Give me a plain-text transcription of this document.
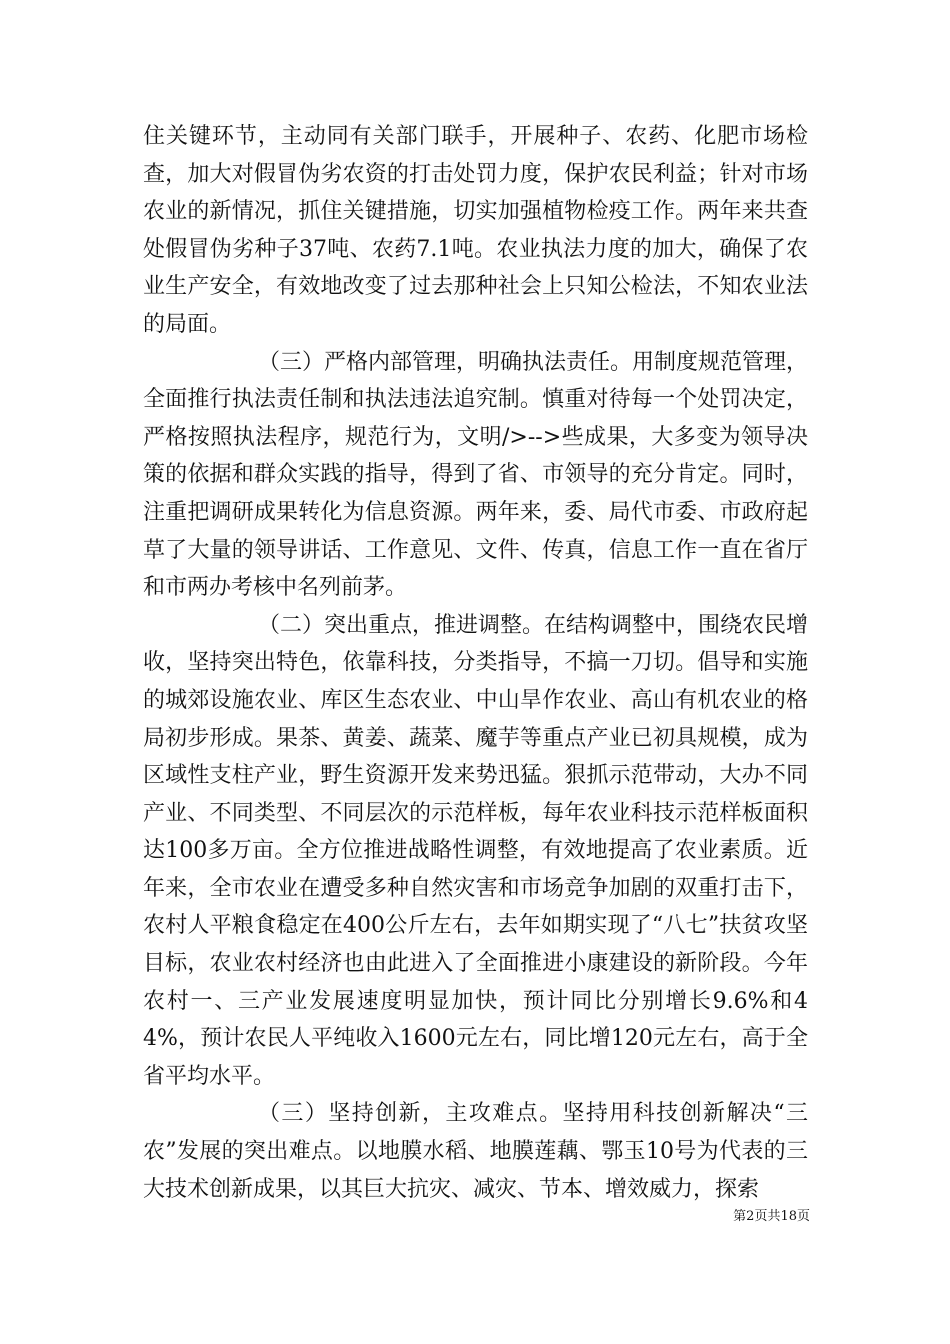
住关键环节，主动同有关部门联手，开展种子、农药、化肥市场检查，加大对假冒伪劣农资的打击处罚力度，保护农民利益；针对市场农业的新情况，抓住关键措施，切实加强植物检疫工作。两年来共查处假冒伪劣种子37吨、农药7.1吨。农业执法力度的加大，确保了农业生产安全，有效地改变了过去那种社会上只知公检法，不知农业法的局面。

（三）严格内部管理，明确执法责任。用制度规范管理，全面推行执法责任制和执法违法追究制。慎重对待每一个处罚决定，严格按照执法程序，规范行为，文明/>-->些成果，大多变为领导决策的依据和群众实践的指导，得到了省、市领导的充分肯定。同时，注重把调研成果转化为信息资源。两年来，委、局代市委、市政府起草了大量的领导讲话、工作意见、文件、传真，信息工作一直在省厅和市两办考核中名列前茅。

（二）突出重点，推进调整。在结构调整中，围绕农民增收，坚持突出特色，依靠科技，分类指导，不搞一刀切。倡导和实施的城郊设施农业、库区生态农业、中山旱作农业、高山有机农业的格局初步形成。果茶、黄姜、蔬菜、魔芋等重点产业已初具规模，成为区域性支柱产业，野生资源开发来势迅猛。狠抓示范带动，大办不同产业、不同类型、不同层次的示范样板，每年农业科技示范样板面积达100多万亩。全方位推进战略性调整，有效地提高了农业素质。近年来，全市农业在遭受多种自然灾害和市场竞争加剧的双重打击下，农村人平粮食稳定在400公斤左右，去年如期实现了“八七”扶贫攻坚目标，农业农村经济也由此进入了全面推进小康建设的新阶段。今年农村一、三产业发展速度明显加快，预计同比分别增长9.6%和44%，预计农民人平纯收入1600元左右，同比增120元左右，高于全省平均水平。

（三）坚持创新，主攻难点。坚持用科技创新解决“三农”发展的突出难点。以地膜水稻、地膜莲藕、鄂玉10号为代表的三大技术创新成果，以其巨大抗灾、减灾、节本、增效威力，探索

第2页共18页
